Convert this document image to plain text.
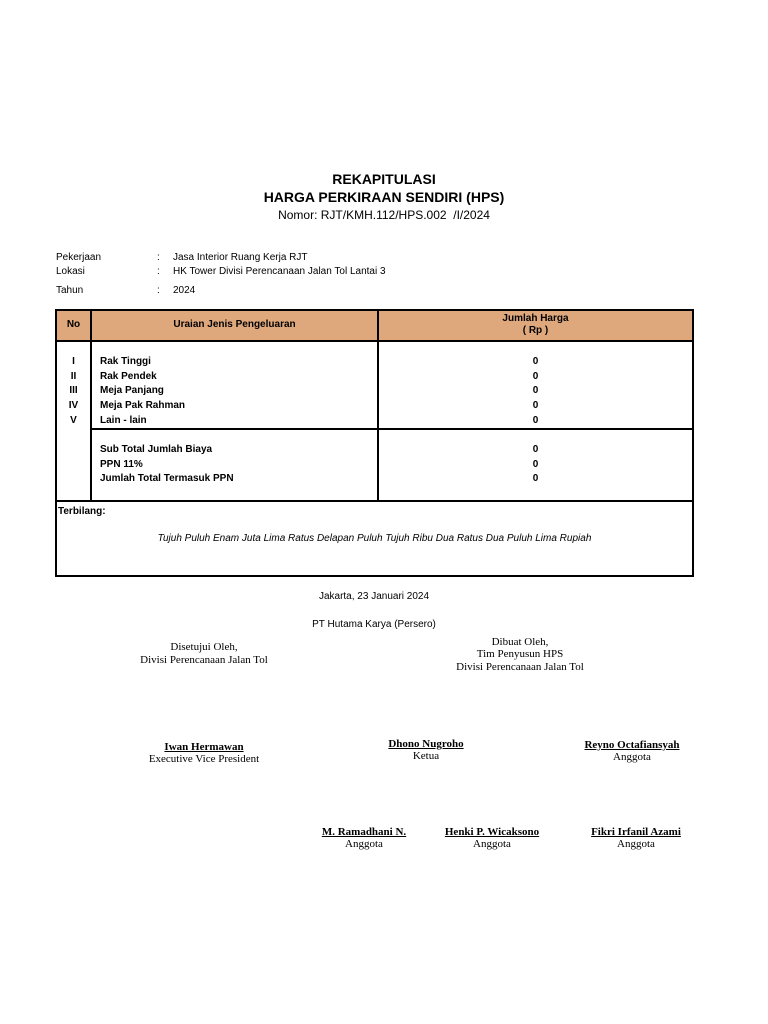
REKAPITULASI
HARGA PERKIRAAN SENDIRI (HPS)
Nomor: RJT/KMH.112/HPS.002  /I/2024
Pekerjaan	: Jasa Interior Ruang Kerja RJT
Lokasi	: HK Tower Divisi Perencanaan Jalan Tol Lantai 3
Tahun	: 2024
No	Uraian Jenis Pengeluaran
Jumlah Harga
( Rp )
I	Rak Tinggi	0
II	Rak Pendek	0
III	Meja Panjang	0
IV	Meja Pak Rahman	0
V	Lain - lain	0
Sub Total Jumlah Biaya	0
PPN 11%	0
Jumlah Total Termasuk PPN	0
Terbilang:
Tujuh Puluh Enam Juta Lima Ratus Delapan Puluh Tujuh Ribu Dua Ratus Dua Puluh Lima Rupiah
Jakarta, 23 Januari 2024
PT Hutama Karya (Persero)
Disetujui Oleh,
Divisi Perencanaan Jalan Tol
Dibuat Oleh,
Tim Penyusun HPS
Divisi Perencanaan Jalan Tol
Iwan Hermawan
Executive Vice President
Dhono Nugroho
Ketua
Reyno Octafiansyah
Anggota
M. Ramadhani N.
Anggota
Henki P. Wicaksono
Anggota
Fikri Irfanil Azami
Anggota
